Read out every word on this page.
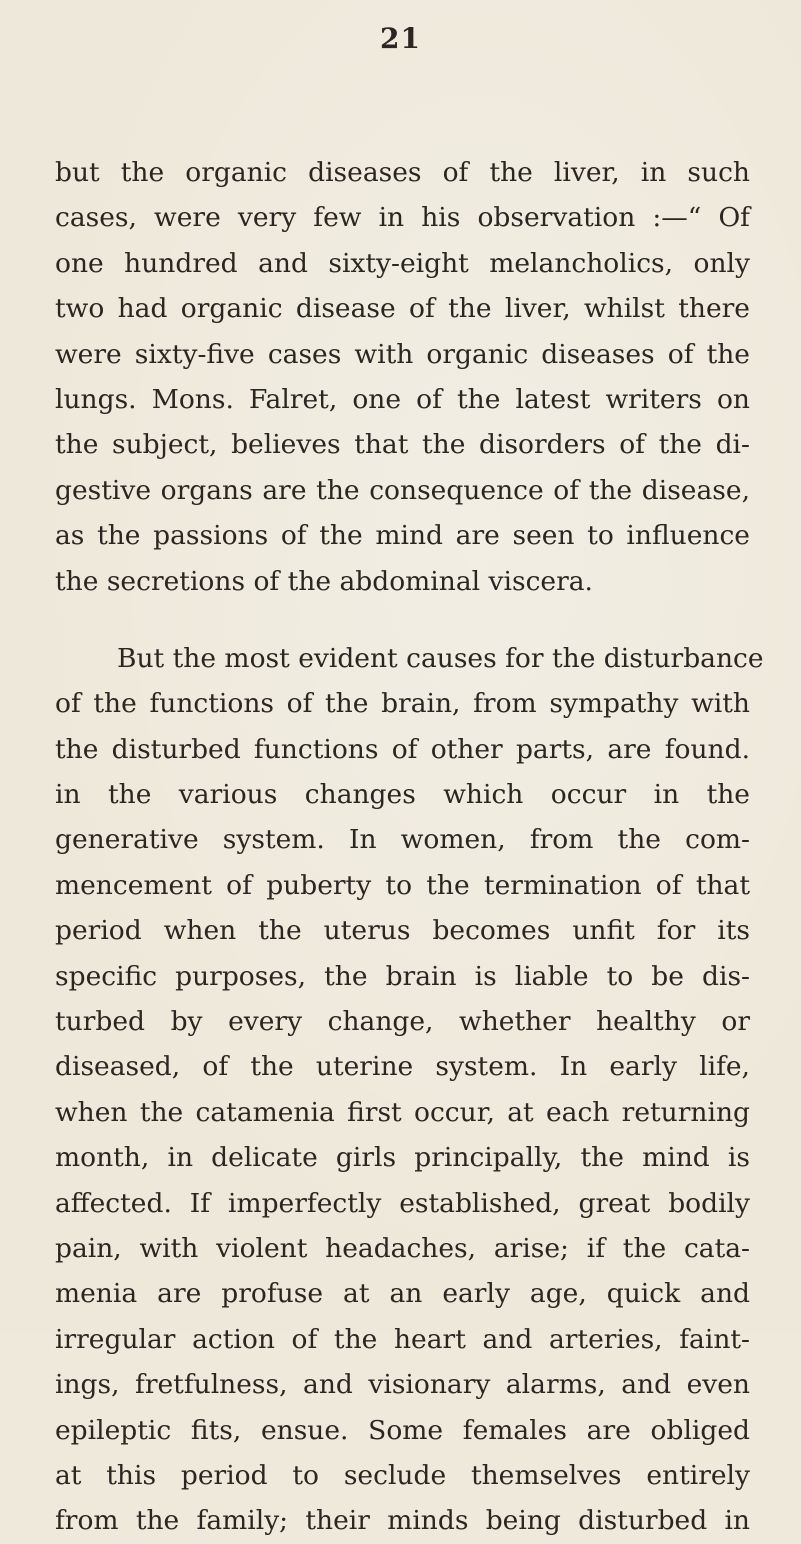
21
but the organic diseases of the liver, in such
cases, were very few in his observation :—“ Of
one hundred and sixty-eight melancholics, only
two had organic disease of the liver, whilst there
were sixty-five cases with organic diseases of the
lungs. Mons. Falret, one of the latest writers on
the subject, believes that the disorders of the di-
gestive organs are the consequence of the disease,
as the passions of the mind are seen to influence
the secretions of the abdominal viscera.
But the most evident causes for the disturbance
of the functions of the brain, from sympathy with
the disturbed functions of other parts, are found.
in the various changes which occur in the
generative system. In women, from the com-
mencement of puberty to the termination of that
period when the uterus becomes unfit for its
specific purposes, the brain is liable to be dis-
turbed by every change, whether healthy or
diseased, of the uterine system. In early life,
when the catamenia first occur, at each returning
month, in delicate girls principally, the mind is
affected. If imperfectly established, great bodily
pain, with violent headaches, arise; if the cata-
menia are profuse at an early age, quick and
irregular action of the heart and arteries, faint-
ings, fretfulness, and visionary alarms, and even
epileptic fits, ensue. Some females are obliged
at this period to seclude themselves entirely
from the family; their minds being disturbed in
